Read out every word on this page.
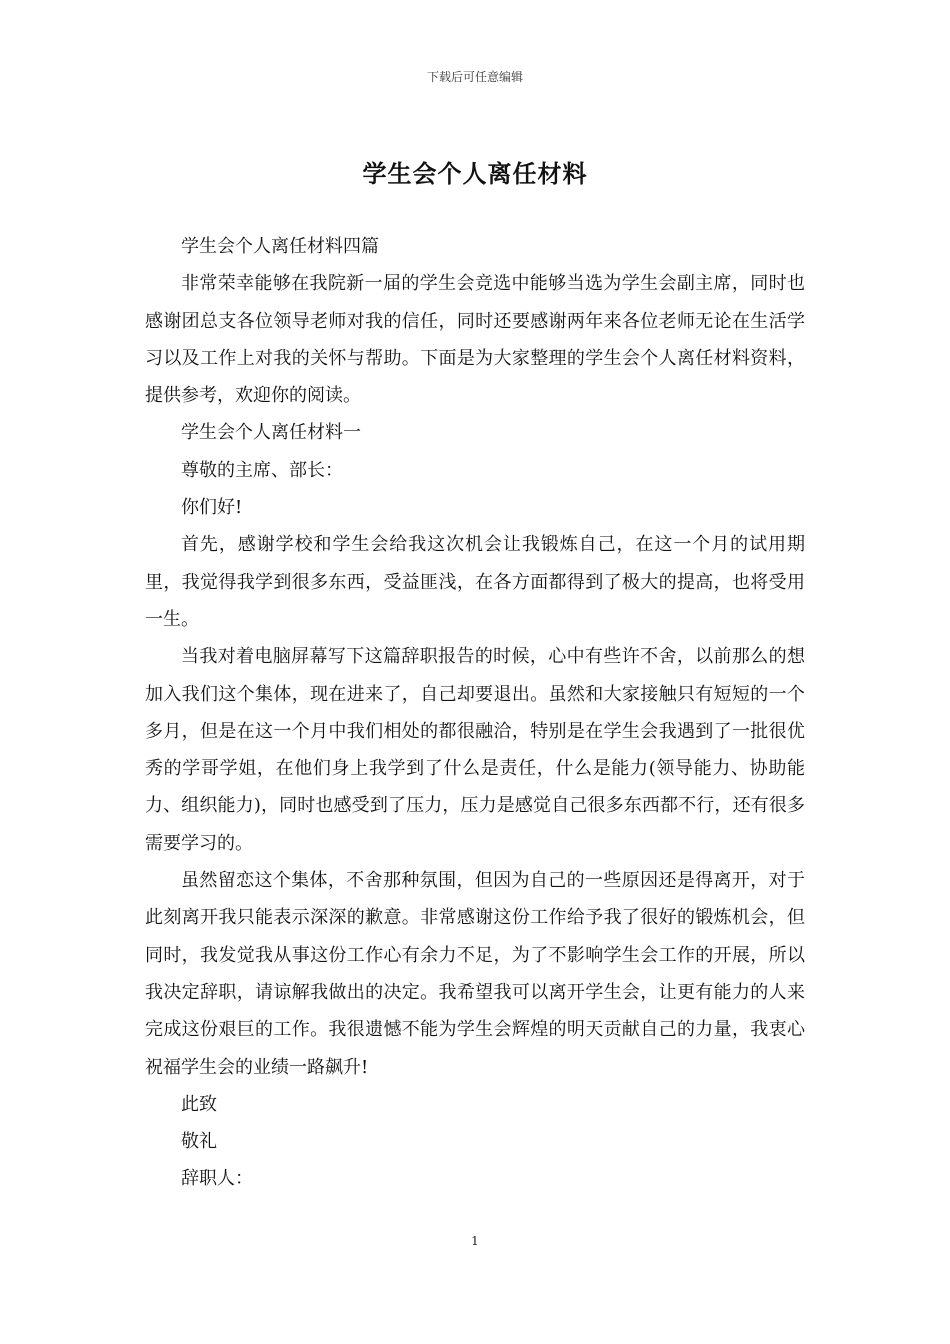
下载后可任意编辑
学生会个人离任材料

学生会个人离任材料四篇

非常荣幸能够在我院新一届的学生会竞选中能够当选为学生会副主席，同时也感谢团总支各位领导老师对我的信任，同时还要感谢两年来各位老师无论在生活学习以及工作上对我的关怀与帮助。下面是为大家整理的学生会个人离任材料资料，提供参考，欢迎你的阅读。

学生会个人离任材料一

尊敬的主席、部长：

你们好!

首先，感谢学校和学生会给我这次机会让我锻炼自己，在这一个月的试用期里，我觉得我学到很多东西，受益匪浅，在各方面都得到了极大的提高，也将受用一生。

当我对着电脑屏幕写下这篇辞职报告的时候，心中有些许不舍，以前那么的想加入我们这个集体，现在进来了，自己却要退出。虽然和大家接触只有短短的一个多月，但是在这一个月中我们相处的都很融洽，特别是在学生会我遇到了一批很优秀的学哥学姐，在他们身上我学到了什么是责任，什么是能力(领导能力、协助能力、组织能力)，同时也感受到了压力，压力是感觉自己很多东西都不行，还有很多需要学习的。

虽然留恋这个集体，不舍那种氛围，但因为自己的一些原因还是得离开，对于此刻离开我只能表示深深的歉意。非常感谢这份工作给予我了很好的锻炼机会，但同时，我发觉我从事这份工作心有余力不足，为了不影响学生会工作的开展，所以我决定辞职，请谅解我做出的决定。我希望我可以离开学生会，让更有能力的人来完成这份艰巨的工作。我很遗憾不能为学生会辉煌的明天贡献自己的力量，我衷心祝福学生会的业绩一路飙升!

此致

敬礼

辞职人：

1
